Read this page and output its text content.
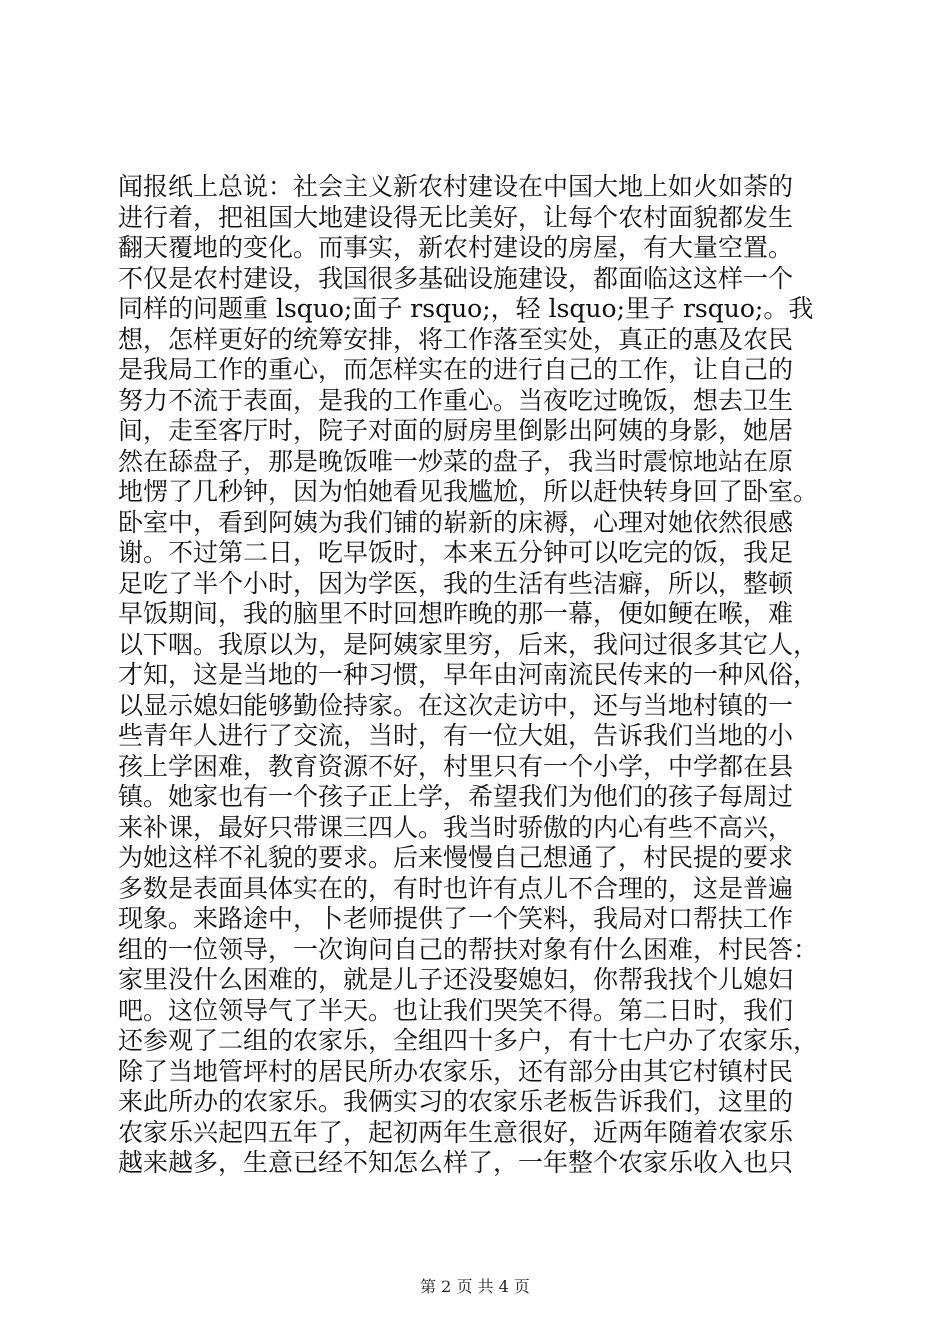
闻报纸上总说：社会主义新农村建设在中国大地上如火如荼的
进行着，把祖国大地建设得无比美好，让每个农村面貌都发生
翻天覆地的变化。而事实，新农村建设的房屋，有大量空置。
不仅是农村建设，我国很多基础设施建设，都面临这这样一个
同样的问题重 lsquo;面子 rsquo;，轻 lsquo;里子 rsquo;。我
想，怎样更好的统筹安排，将工作落至实处，真正的惠及农民
是我局工作的重心，而怎样实在的进行自己的工作，让自己的
努力不流于表面，是我的工作重心。当夜吃过晚饭，想去卫生
间，走至客厅时，院子对面的厨房里倒影出阿姨的身影，她居
然在舔盘子，那是晚饭唯一炒菜的盘子，我当时震惊地站在原
地愣了几秒钟，因为怕她看见我尴尬，所以赶快转身回了卧室。
卧室中，看到阿姨为我们铺的崭新的床褥，心理对她依然很感
谢。不过第二日，吃早饭时，本来五分钟可以吃完的饭，我足
足吃了半个小时，因为学医，我的生活有些洁癖，所以，整顿
早饭期间，我的脑里不时回想昨晚的那一幕，便如鲠在喉，难
以下咽。我原以为，是阿姨家里穷，后来，我问过很多其它人，
才知，这是当地的一种习惯，早年由河南流民传来的一种风俗，
以显示媳妇能够勤俭持家。在这次走访中，还与当地村镇的一
些青年人进行了交流，当时，有一位大姐，告诉我们当地的小
孩上学困难，教育资源不好，村里只有一个小学，中学都在县
镇。她家也有一个孩子正上学，希望我们为他们的孩子每周过
来补课，最好只带课三四人。我当时骄傲的内心有些不高兴，
为她这样不礼貌的要求。后来慢慢自己想通了，村民提的要求
多数是表面具体实在的，有时也许有点儿不合理的，这是普遍
现象。来路途中，卜老师提供了一个笑料，我局对口帮扶工作
组的一位领导，一次询问自己的帮扶对象有什么困难，村民答：
家里没什么困难的，就是儿子还没娶媳妇，你帮我找个儿媳妇
吧。这位领导气了半天。也让我们哭笑不得。第二日时，我们
还参观了二组的农家乐，全组四十多户，有十七户办了农家乐，
除了当地管坪村的居民所办农家乐，还有部分由其它村镇村民
来此所办的农家乐。我俩实习的农家乐老板告诉我们，这里的
农家乐兴起四五年了，起初两年生意很好，近两年随着农家乐
越来越多，生意已经不知怎么样了，一年整个农家乐收入也只
第 2 页 共 4 页
